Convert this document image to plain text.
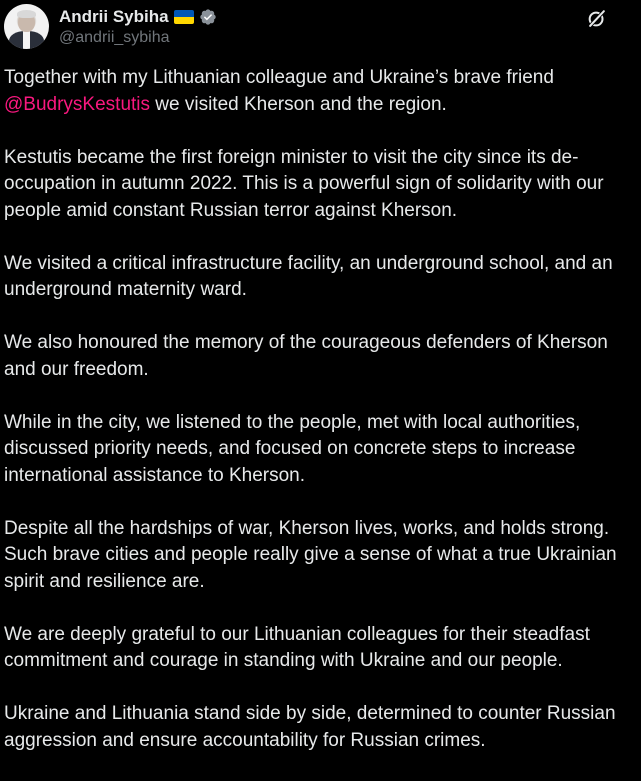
Andrii Sybiha
@andrii_sybiha

Together with my Lithuanian colleague and Ukraine’s brave friend @BudrysKestutis we visited Kherson and the region.

Kestutis became the first foreign minister to visit the city since its de-occupation in autumn 2022. This is a powerful sign of solidarity with our people amid constant Russian terror against Kherson.

We visited a critical infrastructure facility, an underground school, and an underground maternity ward.

We also honoured the memory of the courageous defenders of Kherson and our freedom.

While in the city, we listened to the people, met with local authorities, discussed priority needs, and focused on concrete steps to increase international assistance to Kherson.

Despite all the hardships of war, Kherson lives, works, and holds strong. Such brave cities and people really give a sense of what a true Ukrainian spirit and resilience are.

We are deeply grateful to our Lithuanian colleagues for their steadfast commitment and courage in standing with Ukraine and our people.

Ukraine and Lithuania stand side by side, determined to counter Russian aggression and ensure accountability for Russian crimes.
